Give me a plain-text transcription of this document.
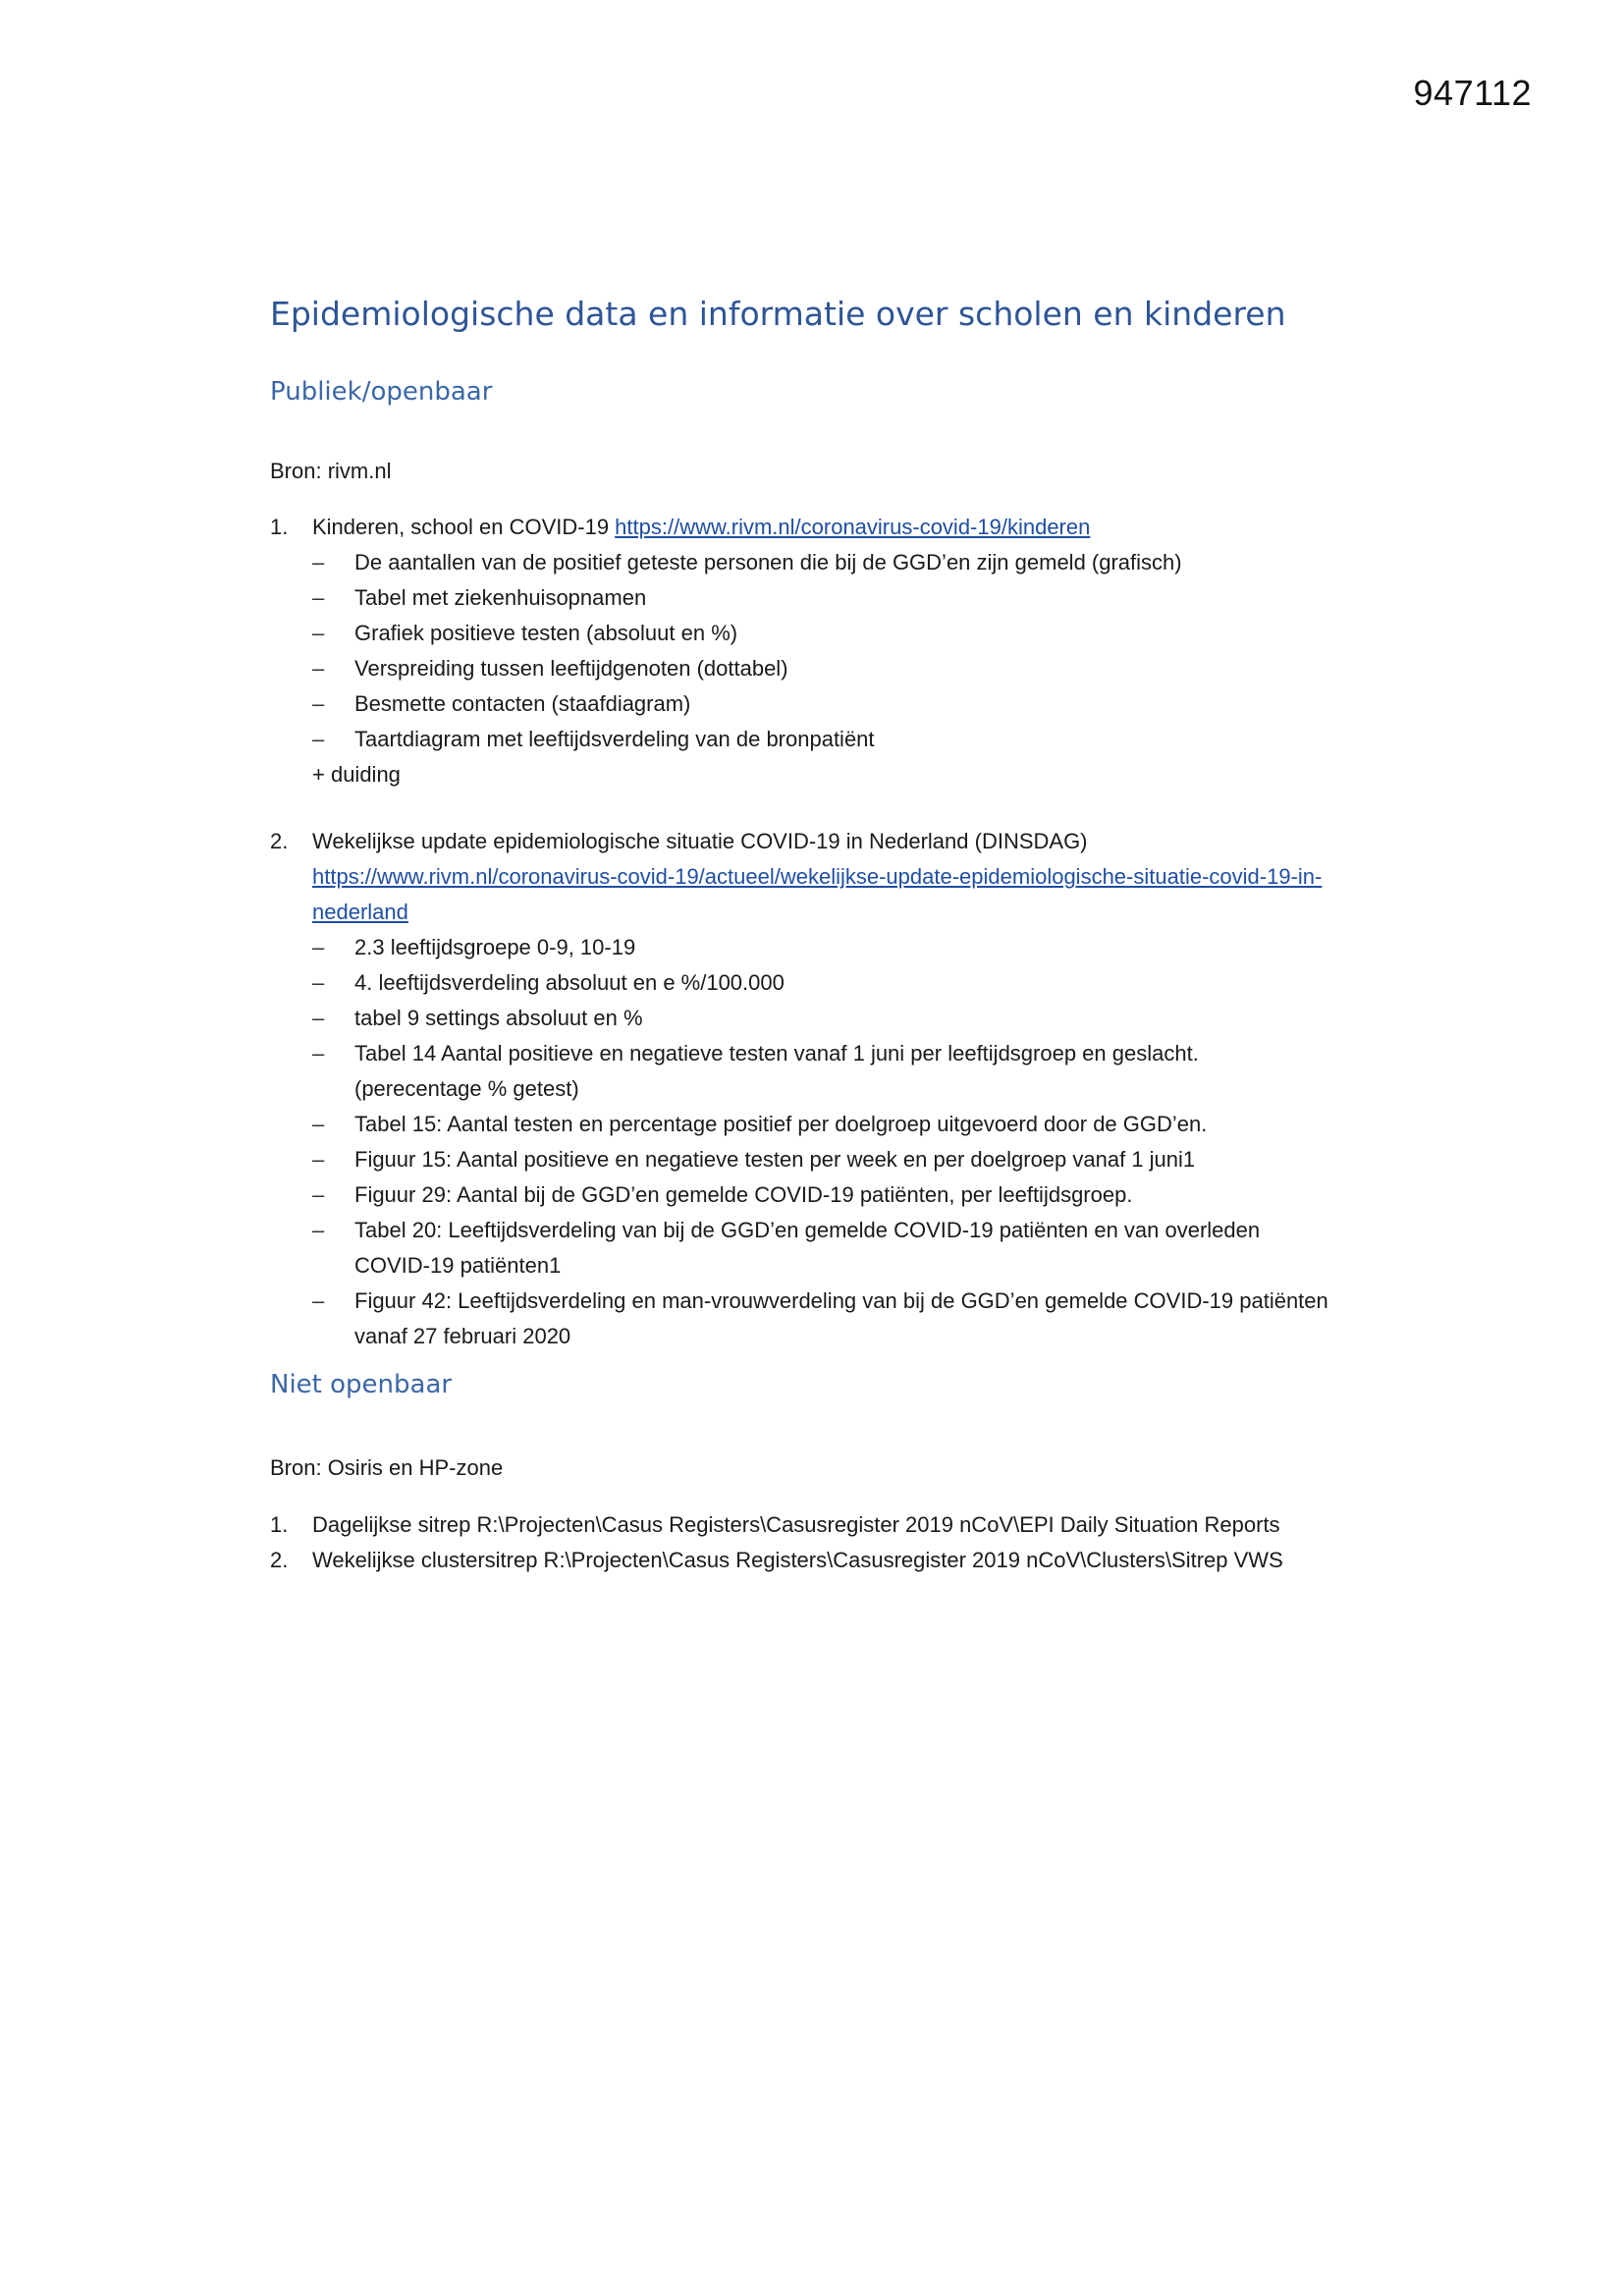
947112
Epidemiologische data en informatie over scholen en kinderen
Publiek/openbaar

Bron: rivm.nl

1. Kinderen, school en COVID-19 https://www.rivm.nl/coronavirus-covid-19/kinderen
– De aantallen van de positief geteste personen die bij de GGD’en zijn gemeld (grafisch)
– Tabel met ziekenhuisopnamen
– Grafiek positieve testen (absoluut en %)
– Verspreiding tussen leeftijdgenoten (dottabel)
– Besmette contacten (staafdiagram)
– Taartdiagram met leeftijdsverdeling van de bronpatiënt
+ duiding
2. Wekelijkse update epidemiologische situatie COVID-19 in Nederland (DINSDAG)
https://www.rivm.nl/coronavirus-covid-19/actueel/wekelijkse-update-epidemiologische-situatie-covid-19-in-nederland
– 2.3 leeftijdsgroepe 0-9, 10-19
– 4. leeftijdsverdeling absoluut en e %/100.000
– tabel 9 settings absoluut en %
– Tabel 14 Aantal positieve en negatieve testen vanaf 1 juni per leeftijdsgroep en geslacht. (perecentage % getest)
– Tabel 15: Aantal testen en percentage positief per doelgroep uitgevoerd door de GGD’en.
– Figuur 15: Aantal positieve en negatieve testen per week en per doelgroep vanaf 1 juni1
– Figuur 29: Aantal bij de GGD’en gemelde COVID-19 patiënten, per leeftijdsgroep.
– Tabel 20: Leeftijdsverdeling van bij de GGD’en gemelde COVID-19 patiënten en van overleden COVID-19 patiënten1
– Figuur 42: Leeftijdsverdeling en man-vrouwverdeling van bij de GGD’en gemelde COVID-19 patiënten vanaf 27 februari 2020
Niet openbaar

Bron: Osiris en HP-zone

1. Dagelijkse sitrep R:\Projecten\Casus Registers\Casusregister 2019 nCoV\EPI Daily Situation Reports
2. Wekelijkse clustersitrep R:\Projecten\Casus Registers\Casusregister 2019 nCoV\Clusters\Sitrep VWS
